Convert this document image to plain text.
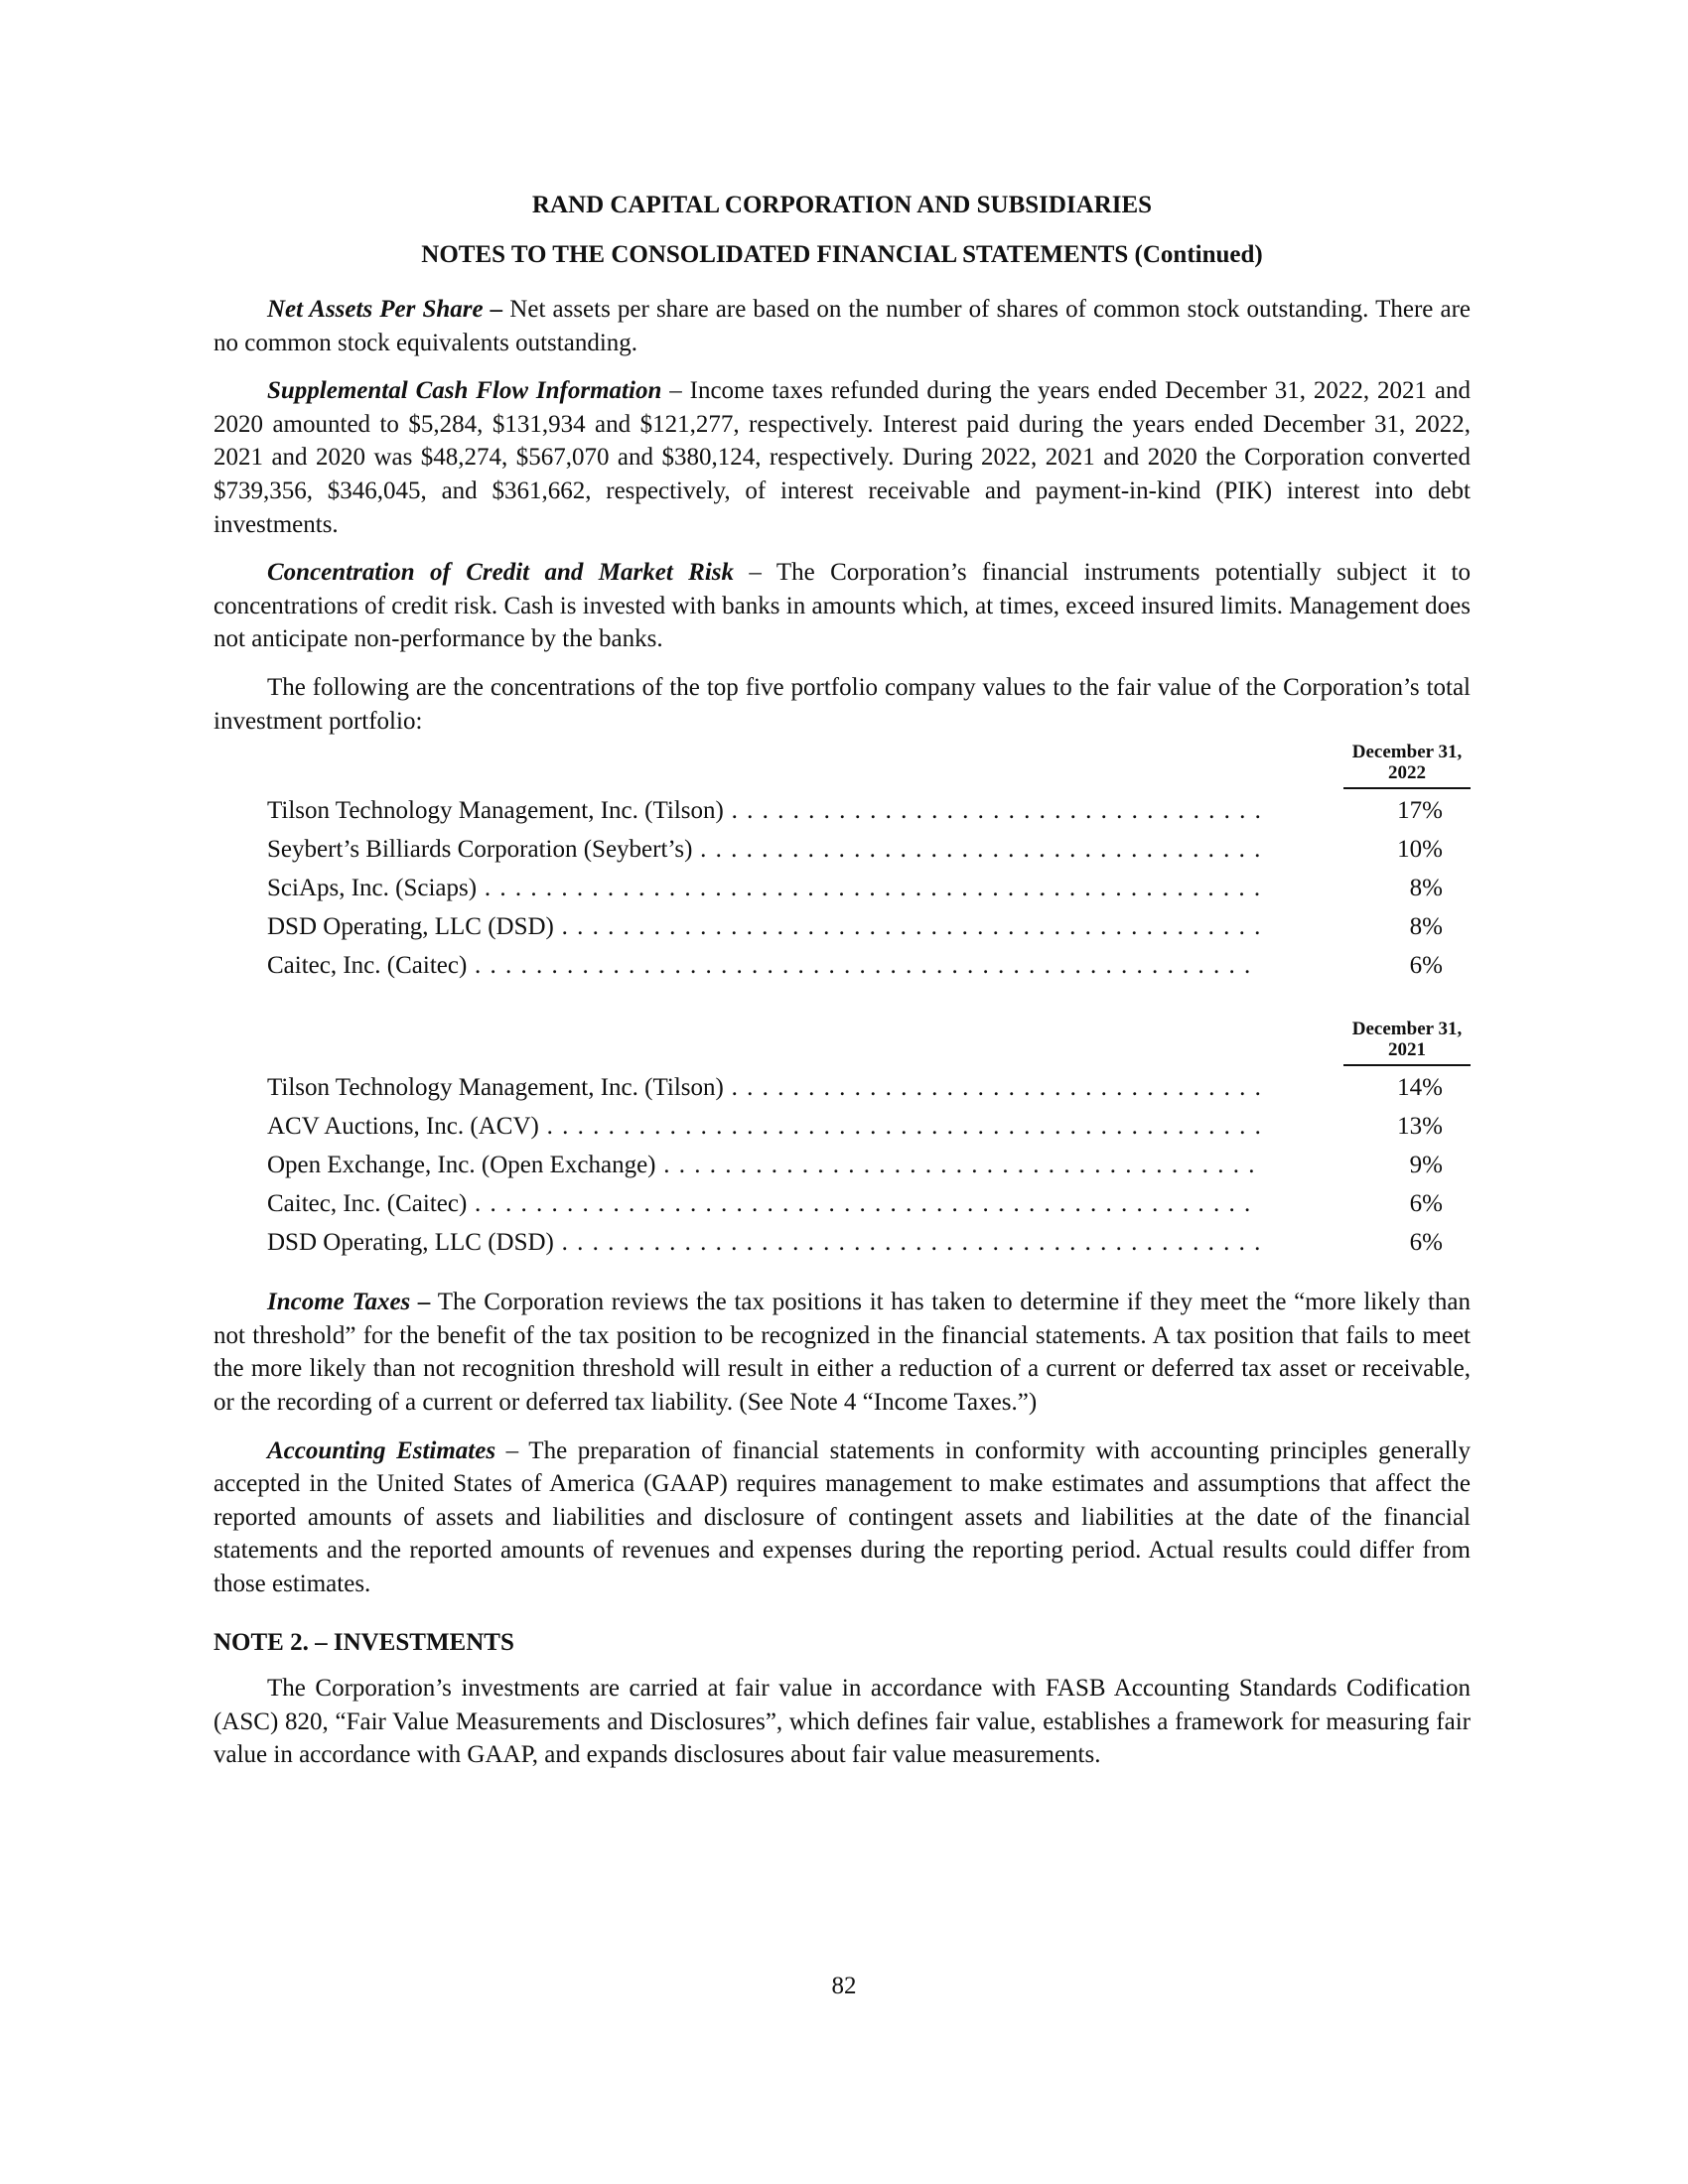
RAND CAPITAL CORPORATION AND SUBSIDIARIES

NOTES TO THE CONSOLIDATED FINANCIAL STATEMENTS (Continued)

Net Assets Per Share – Net assets per share are based on the number of shares of common stock outstanding. There are no common stock equivalents outstanding.

Supplemental Cash Flow Information – Income taxes refunded during the years ended December 31, 2022, 2021 and 2020 amounted to $5,284, $131,934 and $121,277, respectively. Interest paid during the years ended December 31, 2022, 2021 and 2020 was $48,274, $567,070 and $380,124, respectively. During 2022, 2021 and 2020 the Corporation converted $739,356, $346,045, and $361,662, respectively, of interest receivable and payment-in-kind (PIK) interest into debt investments.

Concentration of Credit and Market Risk – The Corporation’s financial instruments potentially subject it to concentrations of credit risk. Cash is invested with banks in amounts which, at times, exceed insured limits. Management does not anticipate non-performance by the banks.

The following are the concentrations of the top five portfolio company values to the fair value of the Corporation’s total investment portfolio:

December 31,
2022
Tilson Technology Management, Inc. (Tilson) . . .	17%
Seybert’s Billiards Corporation (Seybert’s) . . .	10%
SciAps, Inc. (Sciaps) . . .	8%
DSD Operating, LLC (DSD) . . .	8%
Caitec, Inc. (Caitec) . . .	6%
December 31,
2021
Tilson Technology Management, Inc. (Tilson) . . .	14%
ACV Auctions, Inc. (ACV) . . .	13%
Open Exchange, Inc. (Open Exchange) . . .	9%
Caitec, Inc. (Caitec) . . .	6%
DSD Operating, LLC (DSD) . . .	6%

Income Taxes – The Corporation reviews the tax positions it has taken to determine if they meet the “more likely than not threshold” for the benefit of the tax position to be recognized in the financial statements. A tax position that fails to meet the more likely than not recognition threshold will result in either a reduction of a current or deferred tax asset or receivable, or the recording of a current or deferred tax liability. (See Note 4 “Income Taxes.”)

Accounting Estimates – The preparation of financial statements in conformity with accounting principles generally accepted in the United States of America (GAAP) requires management to make estimates and assumptions that affect the reported amounts of assets and liabilities and disclosure of contingent assets and liabilities at the date of the financial statements and the reported amounts of revenues and expenses during the reporting period. Actual results could differ from those estimates.

NOTE 2. – INVESTMENTS

The Corporation’s investments are carried at fair value in accordance with FASB Accounting Standards Codification (ASC) 820, “Fair Value Measurements and Disclosures”, which defines fair value, establishes a framework for measuring fair value in accordance with GAAP, and expands disclosures about fair value measurements.

82
